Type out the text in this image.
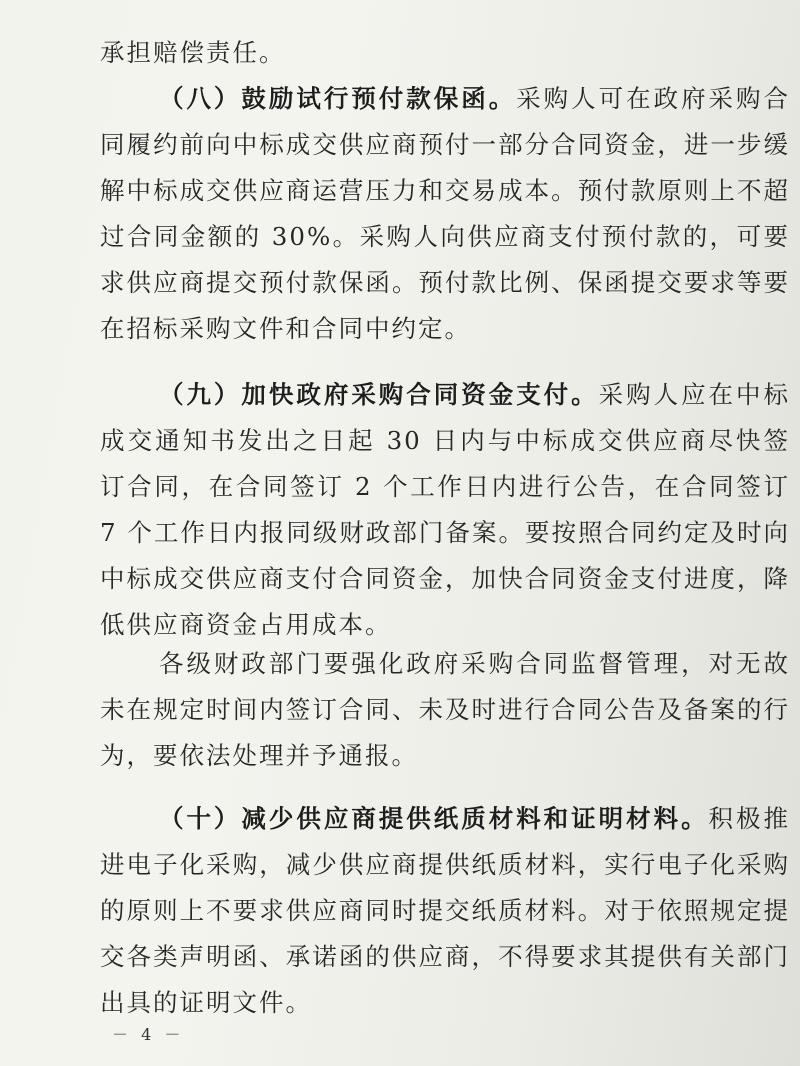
承担赔偿责任。

（八）鼓励试行预付款保函。采购人可在政府采购合同履约前向中标成交供应商预付一部分合同资金，进一步缓解中标成交供应商运营压力和交易成本。预付款原则上不超过合同金额的 30%。采购人向供应商支付预付款的，可要求供应商提交预付款保函。预付款比例、保函提交要求等要在招标采购文件和合同中约定。

（九）加快政府采购合同资金支付。采购人应在中标成交通知书发出之日起 30 日内与中标成交供应商尽快签订合同，在合同签订 2 个工作日内进行公告，在合同签订 7 个工作日内报同级财政部门备案。要按照合同约定及时向中标成交供应商支付合同资金，加快合同资金支付进度，降低供应商资金占用成本。

各级财政部门要强化政府采购合同监督管理，对无故未在规定时间内签订合同、未及时进行合同公告及备案的行为，要依法处理并予通报。

（十）减少供应商提供纸质材料和证明材料。积极推进电子化采购，减少供应商提供纸质材料，实行电子化采购的原则上不要求供应商同时提交纸质材料。对于依照规定提交各类声明函、承诺函的供应商，不得要求其提供有关部门出具的证明文件。

－ 4 －
